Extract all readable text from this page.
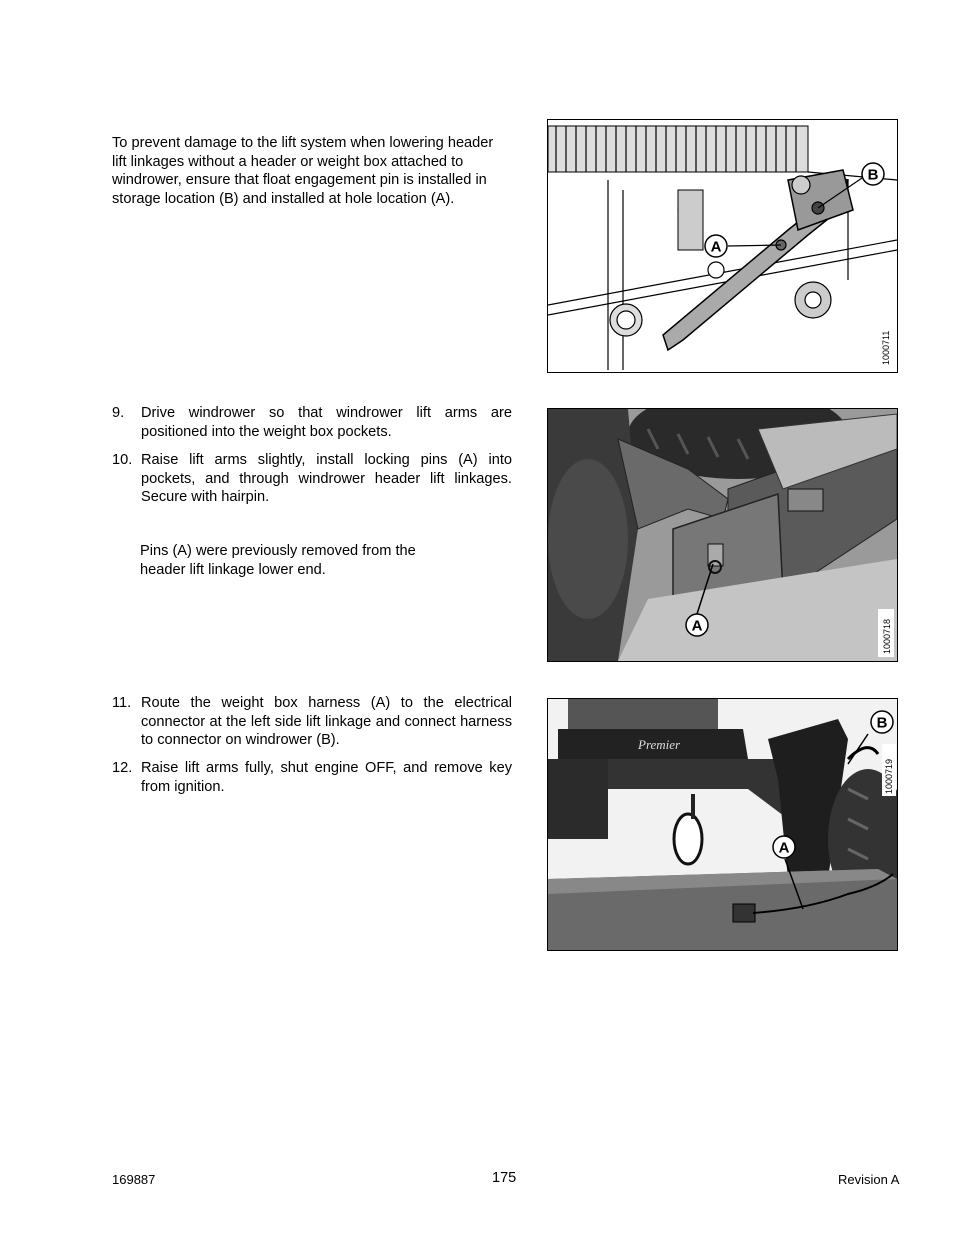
To prevent damage to the lift system when lowering header lift linkages without a header or weight box attached to windrower, ensure that float engagement pin is installed in storage location (B) and installed at hole location (A).
A
B
1000711
9. Drive windrower so that windrower lift arms are positioned into the weight box pockets.
10. Raise lift arms slightly, install locking pins (A) into pockets, and through windrower header lift linkages. Secure with hairpin.
Pins (A) were previously removed from the header lift linkage lower end.
A	1000718
11. Route the weight box harness (A) to the electrical connector at the left side lift linkage and connect harness to connector on windrower (B).
12. Raise lift arms fully, shut engine OFF, and remove key from ignition.
Premier
A
B
1000719
169887	175	Revision A
